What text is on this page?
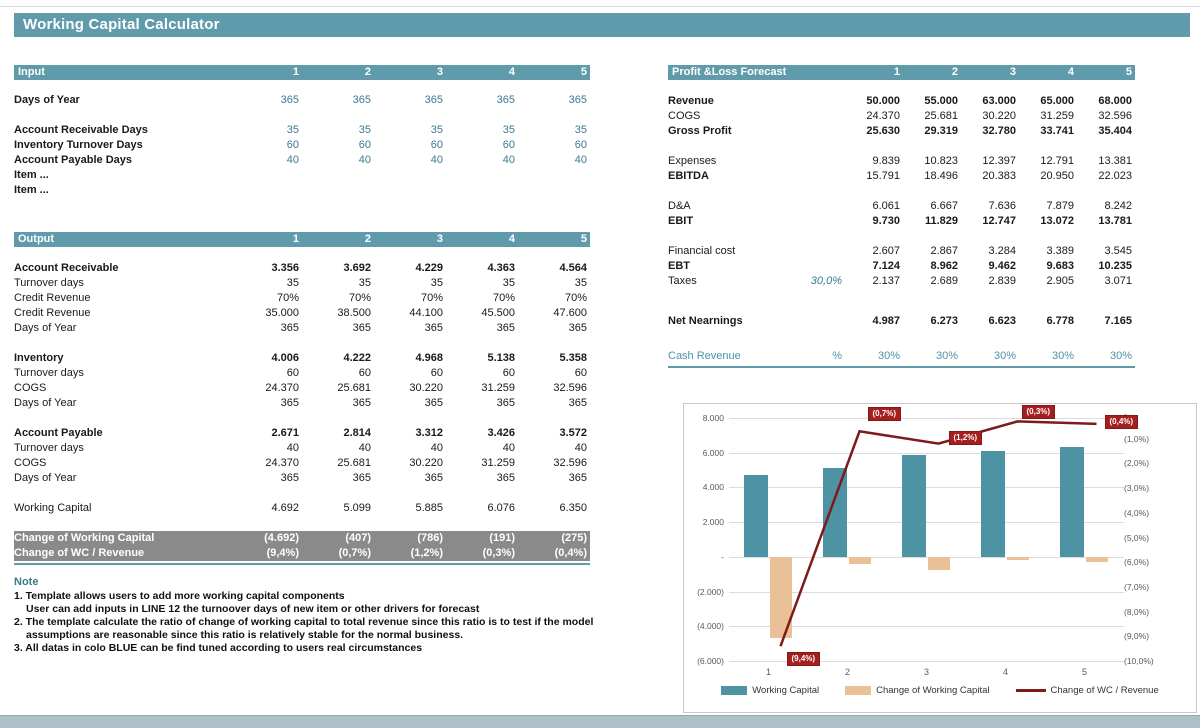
Working Capital Calculator
Input	1	2	3	4	5
Days of Year	365	365	365	365	365
Account Receivable Days	35	35	35	35	35
Inventory Turnover Days	60	60	60	60	60
Account Payable Days	40	40	40	40	40
Item ...
Item ...
Output	1	2	3	4	5
Account Receivable	3.356	3.692	4.229	4.363	4.564
Turnover days	35	35	35	35	35
Credit Revenue	70%	70%	70%	70%	70%
Credit Revenue	35.000	38.500	44.100	45.500	47.600
Days of Year	365	365	365	365	365
Inventory	4.006	4.222	4.968	5.138	5.358
Turnover days	60	60	60	60	60
COGS	24.370	25.681	30.220	31.259	32.596
Days of Year	365	365	365	365	365
Account Payable	2.671	2.814	3.312	3.426	3.572
Turnover days	40	40	40	40	40
COGS	24.370	25.681	30.220	31.259	32.596
Days of Year	365	365	365	365	365
Working Capital	4.692	5.099	5.885	6.076	6.350
Change of Working Capital	(4.692)	(407)	(786)	(191)	(275)
Change of WC / Revenue	(9,4%)	(0,7%)	(1,2%)	(0,3%)	(0,4%)
Note
1. Template allows users to add more working capital components
User can add inputs in LINE 12 the turnoover days of new item or other drivers for forecast
2. The template calculate the ratio of change of working capital to total revenue since this ratio is to test if the model
assumptions are reasonable since this ratio is relatively stable for the normal business.
3. All datas in colo BLUE can be find tuned according to users real circumstances
Profit &Loss Forecast	1	2	3	4	5
Revenue	50.000	55.000	63.000	65.000	68.000
COGS	24.370	25.681	30.220	31.259	32.596
Gross Profit	25.630	29.319	32.780	33.741	35.404
Expenses	9.839	10.823	12.397	12.791	13.381
EBITDA	15.791	18.496	20.383	20.950	22.023
D&A	6.061	6.667	7.636	7.879	8.242
EBIT	9.730	11.829	12.747	13.072	13.781
Financial cost	2.607	2.867	3.284	3.389	3.545
EBT	7.124	8.962	9.462	9.683	10.235
Taxes	30,0%	2.137	2.689	2.839	2.905	3.071
Net Nearnings	4.987	6.273	6.623	6.778	7.165
Cash Revenue	%	30%	30%	30%	30%	30%
8.000
6.000
4.000
2.000
-
(2.000)
(4.000)
(6.000)
(1,0%)
(2,0%)
(3,0%)
(4,0%)
(5,0%)
(6,0%)
(7,0%)
(8,0%)
(9,0%)
(10,0%)
(9,4%)
(0,7%)
(1,2%)
(0,3%)
(0,4%)
1	2	3	4	5
Working Capital	Change of Working Capital	Change of WC / Revenue
